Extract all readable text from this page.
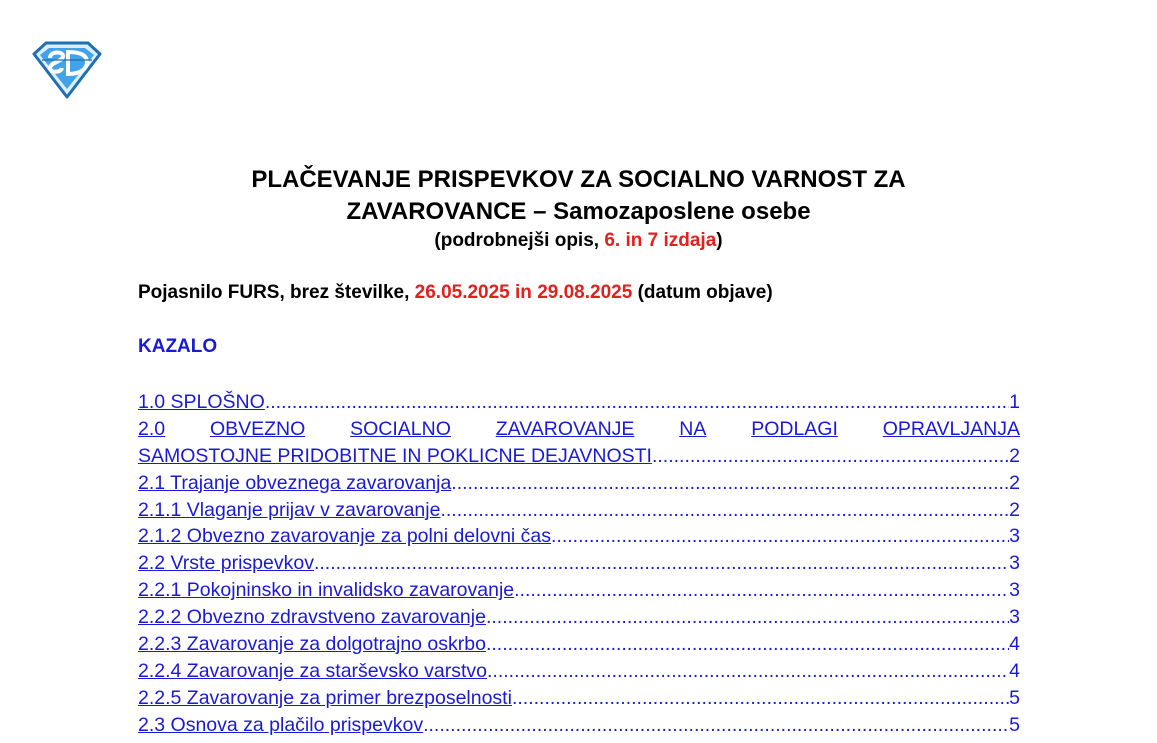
PLAČEVANJE PRISPEVKOV ZA SOCIALNO VARNOST ZA
ZAVAROVANCE – Samozaposlene osebe
(podrobnejši opis, 6. in 7 izdaja)
Pojasnilo FURS, brez številke, 26.05.2025 in 29.08.2025 (datum objave)
KAZALO
1.0 SPLOŠNO .....	1
2.0 OBVEZNO SOCIALNO ZAVAROVANJE NA PODLAGI OPRAVLJANJA
SAMOSTOJNE PRIDOBITNE IN POKLICNE DEJAVNOSTI .....	2
2.1 Trajanje obveznega zavarovanja .....	2
2.1.1 Vlaganje prijav v zavarovanje .....	2
2.1.2 Obvezno zavarovanje za polni delovni čas .....	3
2.2 Vrste prispevkov .....	3
2.2.1 Pokojninsko in invalidsko zavarovanje .....	3
2.2.2 Obvezno zdravstveno zavarovanje .....	3
2.2.3 Zavarovanje za dolgotrajno oskrbo .....	4
2.2.4 Zavarovanje za starševsko varstvo .....	4
2.2.5 Zavarovanje za primer brezposelnosti .....	5
2.3 Osnova za plačilo prispevkov .....	5
